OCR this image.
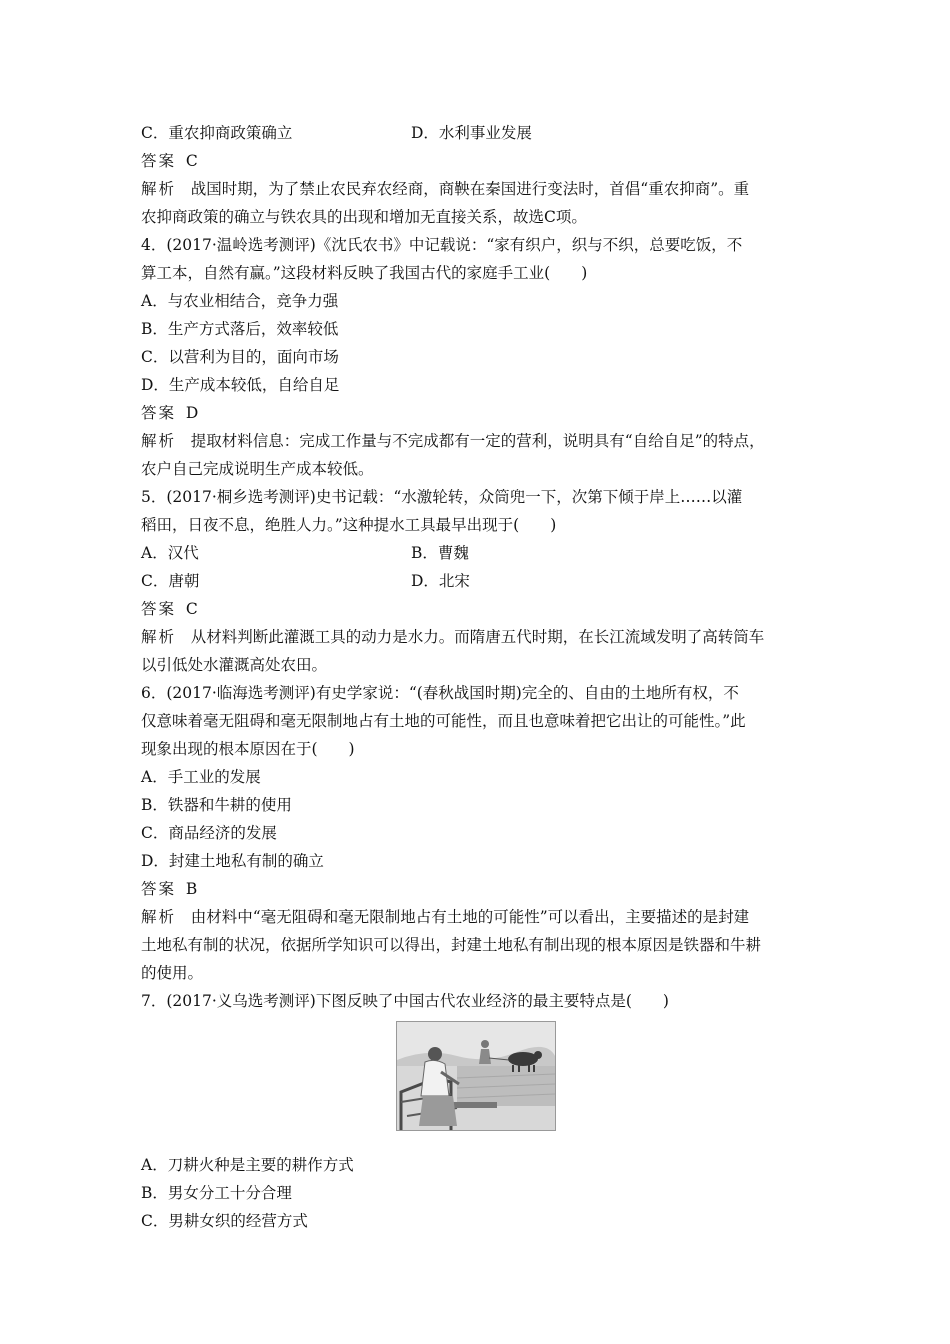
C．重农抑商政策确立	D．水利事业发展
答案 C
解析 战国时期，为了禁止农民弃农经商，商鞅在秦国进行变法时，首倡“重农抑商”。重
农抑商政策的确立与铁农具的出现和增加无直接关系，故选C项。
4．(2017·温岭选考测评)《沈氏农书》中记载说：“家有织户，织与不织，总要吃饭，不
算工本，自然有赢。”这段材料反映了我国古代的家庭手工业(　　)
A．与农业相结合，竞争力强
B．生产方式落后，效率较低
C．以营利为目的，面向市场
D．生产成本较低，自给自足
答案 D
解析 提取材料信息：完成工作量与不完成都有一定的营利，说明具有“自给自足”的特点，
农户自己完成说明生产成本较低。
5．(2017·桐乡选考测评)史书记载：“水激轮转，众筒兜一下，次第下倾于岸上……以灌
稻田，日夜不息，绝胜人力。”这种提水工具最早出现于(　　)
A．汉代	B．曹魏
C．唐朝	D．北宋
答案 C
解析 从材料判断此灌溉工具的动力是水力。而隋唐五代时期，在长江流域发明了高转筒车
以引低处水灌溉高处农田。
6．(2017·临海选考测评)有史学家说：“(春秋战国时期)完全的、自由的土地所有权，不
仅意味着毫无阻碍和毫无限制地占有土地的可能性，而且也意味着把它出让的可能性。”此
现象出现的根本原因在于(　　)
A．手工业的发展
B．铁器和牛耕的使用
C．商品经济的发展
D．封建土地私有制的确立
答案 B
解析 由材料中“毫无阻碍和毫无限制地占有土地的可能性”可以看出，主要描述的是封建
土地私有制的状况，依据所学知识可以得出，封建土地私有制出现的根本原因是铁器和牛耕
的使用。
7．(2017·义乌选考测评)下图反映了中国古代农业经济的最主要特点是(　　)
A．刀耕火种是主要的耕作方式
B．男女分工十分合理
C．男耕女织的经营方式
